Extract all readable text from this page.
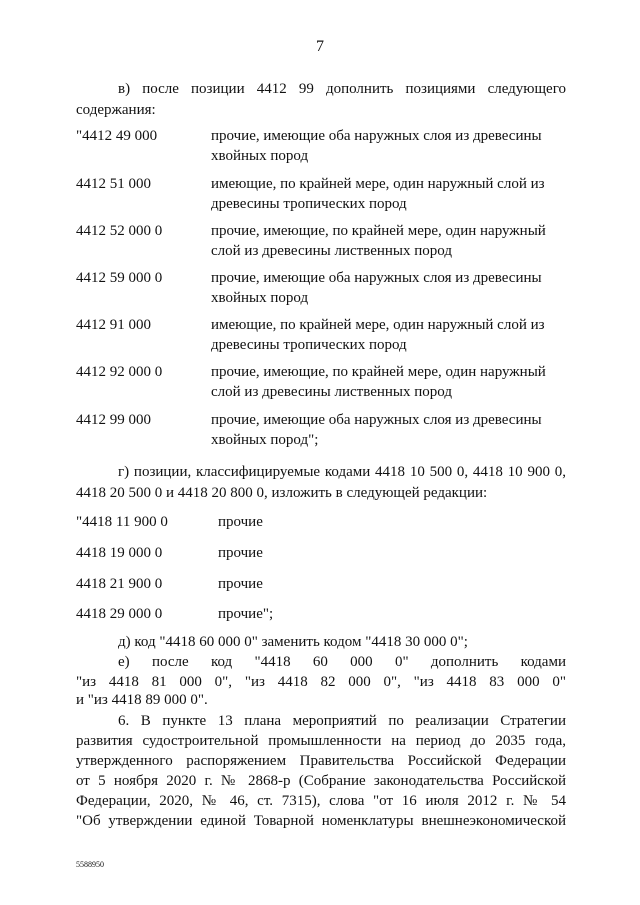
7
в) после позиции 4412 99 дополнить позициями следующего
содержания:
"4412 49 000	прочие, имеющие оба наружных слоя из древесины хвойных пород
4412 51 000	имеющие, по крайней мере, один наружный слой из древесины тропических пород
4412 52 000 0	прочие, имеющие, по крайней мере, один наружный слой из древесины лиственных пород
4412 59 000 0	прочие, имеющие оба наружных слоя из древесины хвойных пород
4412 91 000	имеющие, по крайней мере, один наружный слой из древесины тропических пород
4412 92 000 0	прочие, имеющие, по крайней мере, один наружный слой из древесины лиственных пород
4412 99 000	прочие, имеющие оба наружных слоя из древесины хвойных пород";
г) позиции, классифицируемые кодами 4418 10 500 0, 4418 10 900 0,
4418 20 500 0 и 4418 20 800 0, изложить в следующей редакции:
"4418 11 900 0	прочие
4418 19 000 0	прочие
4418 21 900 0	прочие
4418 29 000 0	прочие";
д) код "4418 60 000 0" заменить кодом "4418 30 000 0";
е) после код "4418 60 000 0" дополнить кодами
"из 4418 81 000 0", "из 4418 82 000 0", "из 4418 83 000 0"
и "из 4418 89 000 0".
6. В пункте 13 плана мероприятий по реализации Стратегии
развития судостроительной промышленности на период до 2035 года,
утвержденного распоряжением Правительства Российской Федерации
от 5 ноября 2020 г. № 2868-р (Собрание законодательства Российской
Федерации, 2020, № 46, ст. 7315), слова "от 16 июля 2012 г. № 54
"Об утверждении единой Товарной номенклатуры внешнеэкономической
5588950
